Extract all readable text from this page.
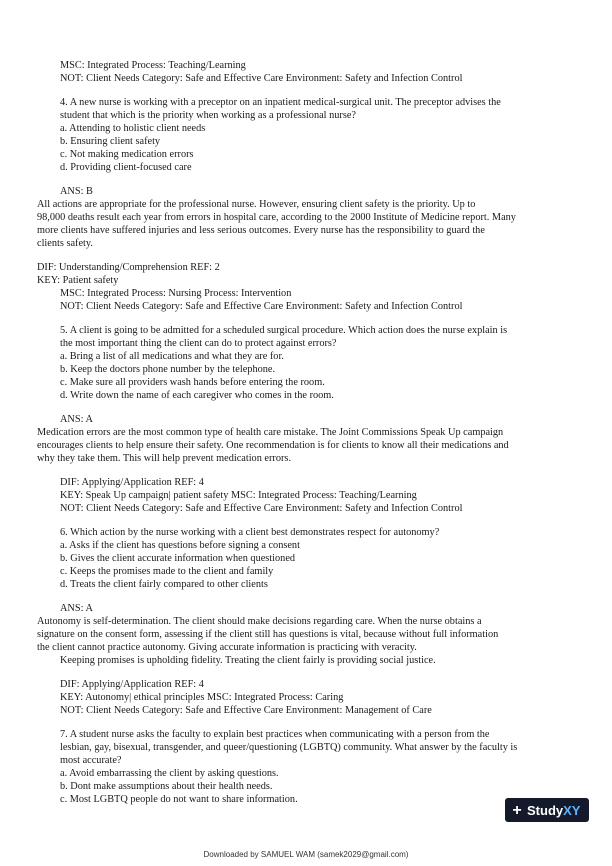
MSC: Integrated Process: Teaching/Learning
NOT: Client Needs Category: Safe and Effective Care Environment: Safety and Infection Control
4. A new nurse is working with a preceptor on an inpatient medical-surgical unit. The preceptor advises the
student that which is the priority when working as a professional nurse?
a. Attending to holistic client needs
b. Ensuring client safety
c. Not making medication errors
d. Providing client-focused care
ANS: B
All actions are appropriate for the professional nurse. However, ensuring client safety is the priority. Up to
98,000 deaths result each year from errors in hospital care, according to the 2000 Institute of Medicine report. Many
more clients have suffered injuries and less serious outcomes. Every nurse has the responsibility to guard the
clients safety.
DIF: Understanding/Comprehension REF: 2
KEY: Patient safety
MSC: Integrated Process: Nursing Process: Intervention
NOT: Client Needs Category: Safe and Effective Care Environment: Safety and Infection Control
5. A client is going to be admitted for a scheduled surgical procedure. Which action does the nurse explain is
the most important thing the client can do to protect against errors?
a. Bring a list of all medications and what they are for.
b. Keep the doctors phone number by the telephone.
c. Make sure all providers wash hands before entering the room.
d. Write down the name of each caregiver who comes in the room.
ANS: A
Medication errors are the most common type of health care mistake. The Joint Commissions Speak Up campaign
encourages clients to help ensure their safety. One recommendation is for clients to know all their medications and
why they take them. This will help prevent medication errors.
DIF: Applying/Application REF: 4
KEY: Speak Up campaign| patient safety MSC: Integrated Process: Teaching/Learning
NOT: Client Needs Category: Safe and Effective Care Environment: Safety and Infection Control
6. Which action by the nurse working with a client best demonstrates respect for autonomy?
a. Asks if the client has questions before signing a consent
b. Gives the client accurate information when questioned
c. Keeps the promises made to the client and family
d. Treats the client fairly compared to other clients
ANS: A
Autonomy is self-determination. The client should make decisions regarding care. When the nurse obtains a
signature on the consent form, assessing if the client still has questions is vital, because without full information
the client cannot practice autonomy. Giving accurate information is practicing with veracity.
Keeping promises is upholding fidelity. Treating the client fairly is providing social justice.
DIF: Applying/Application REF: 4
KEY: Autonomy| ethical principles MSC: Integrated Process: Caring
NOT: Client Needs Category: Safe and Effective Care Environment: Management of Care
7. A student nurse asks the faculty to explain best practices when communicating with a person from the
lesbian, gay, bisexual, transgender, and queer/questioning (LGBTQ) community. What answer by the faculty is
most accurate?
a. Avoid embarrassing the client by asking questions.
b. Dont make assumptions about their health needs.
c. Most LGBTQ people do not want to share information.
+ Study XY
Downloaded by SAMUEL WAM (samek2029@gmail.com)
